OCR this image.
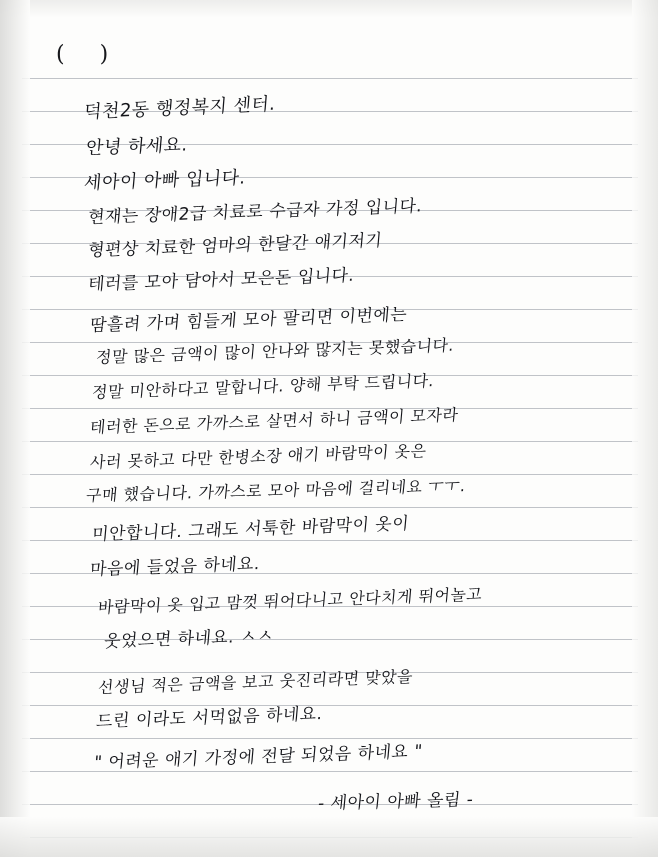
( )
덕천2동 행정복지 센터.
안녕 하세요.
세아이 아빠 입니다.
현재는 장애2급 치료로 수급자 가정 입니다.
형편상 치료한 엄마의 한달간 애기저기
테러를 모아 담아서 모은돈 입니다.
땀흘려 가며 힘들게 모아 팔리면 이번에는
정말 많은 금액이 많이 안나와 많지는 못했습니다.
정말 미안하다고 말합니다. 양해 부탁 드립니다.
테러한 돈으로 가까스로 살면서 하니 금액이 모자라
사러 못하고 다만 한병소장 애기 바람막이 옷은
구매 했습니다. 가까스로 모아 마음에 걸리네요 ㅜㅜ.
미안합니다. 그래도 서툭한 바람막이 옷이
마음에 들었음 하네요.
바람막이 옷 입고 맘껏 뛰어다니고 안다치게 뛰어놀고
웃었으면 하네요. ㅅㅅ
선생님 적은 금액을 보고 웃진리라면 맞았을
드린 이라도 서먹없음 하네요.
" 어려운 애기 가정에 전달 되었음 하네요 "
- 세아이 아빠 올림 -
